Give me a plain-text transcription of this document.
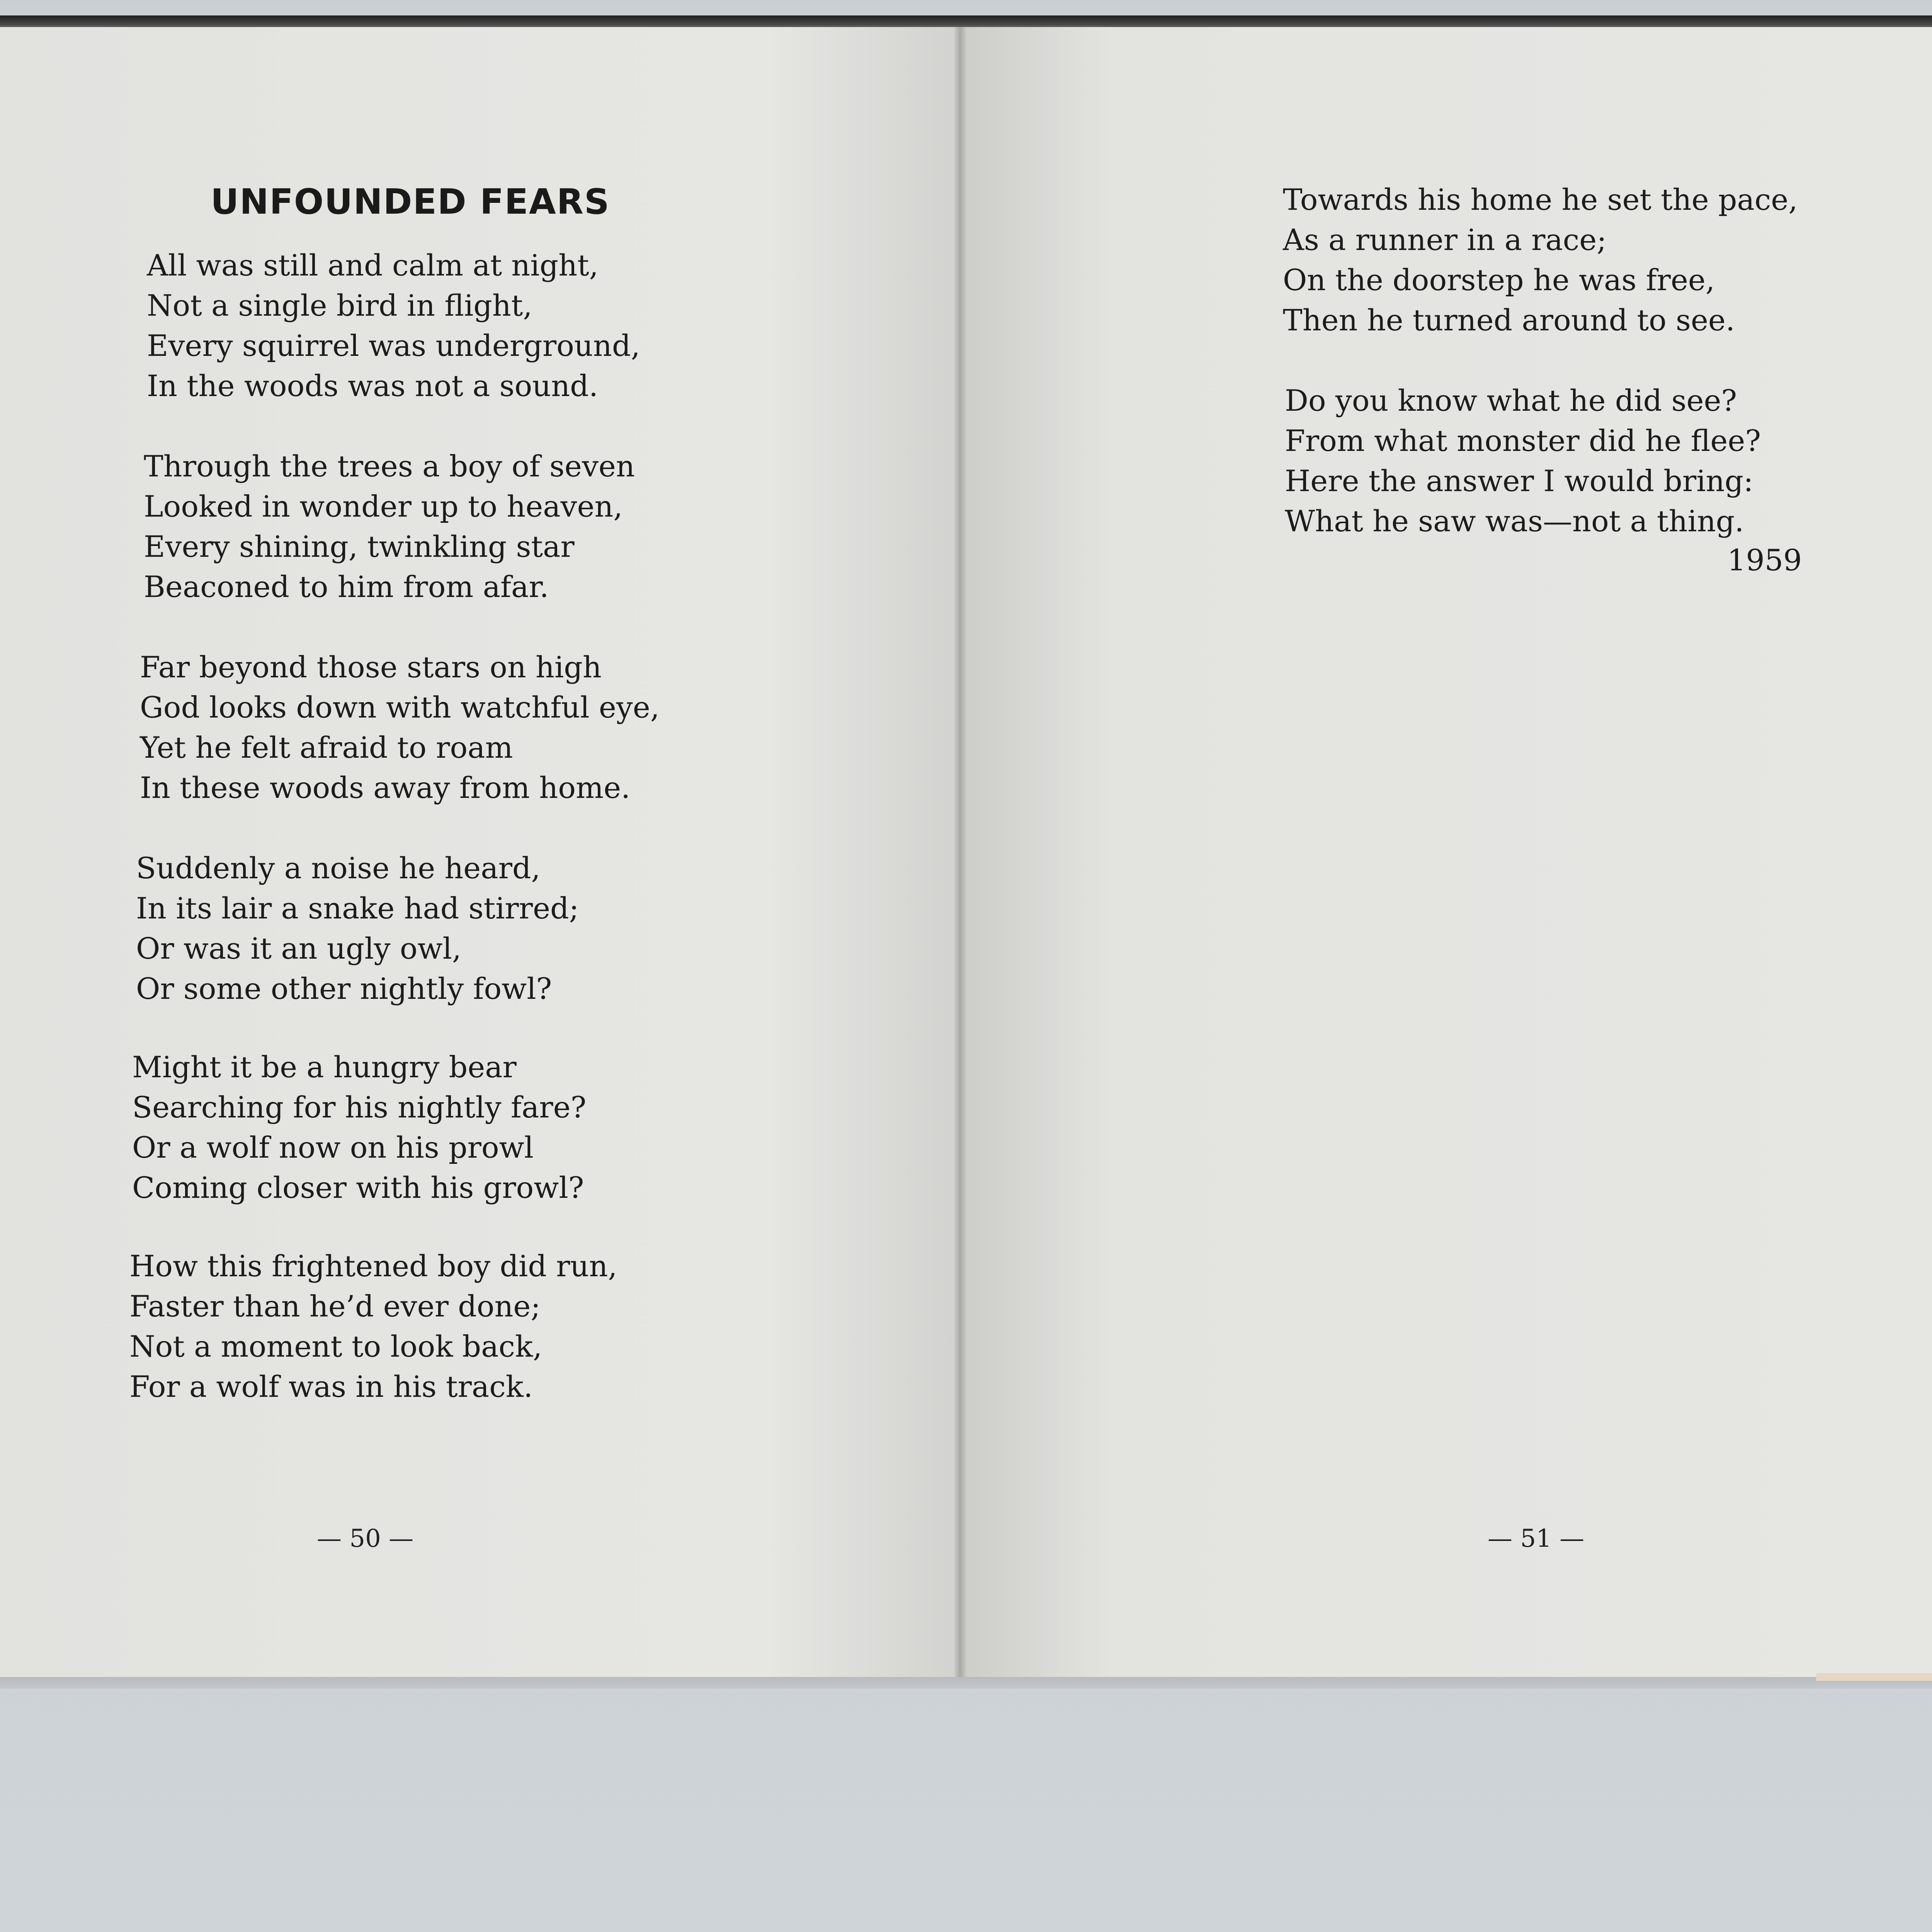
UNFOUNDED FEARS
All was still and calm at night,
Not a single bird in flight,
Every squirrel was underground,
In the woods was not a sound.
Through the trees a boy of seven
Looked in wonder up to heaven,
Every shining, twinkling star
Beaconed to him from afar.
Far beyond those stars on high
God looks down with watchful eye,
Yet he felt afraid to roam
In these woods away from home.
Suddenly a noise he heard,
In its lair a snake had stirred;
Or was it an ugly owl,
Or some other nightly fowl?
Might it be a hungry bear
Searching for his nightly fare?
Or a wolf now on his prowl
Coming closer with his growl?
How this frightened boy did run,
Faster than he’d ever done;
Not a moment to look back,
For a wolf was in his track.
— 50 —
Towards his home he set the pace,
As a runner in a race;
On the doorstep he was free,
Then he turned around to see.
Do you know what he did see?
From what monster did he flee?
Here the answer I would bring:
What he saw was—not a thing.
1959
— 51 —
